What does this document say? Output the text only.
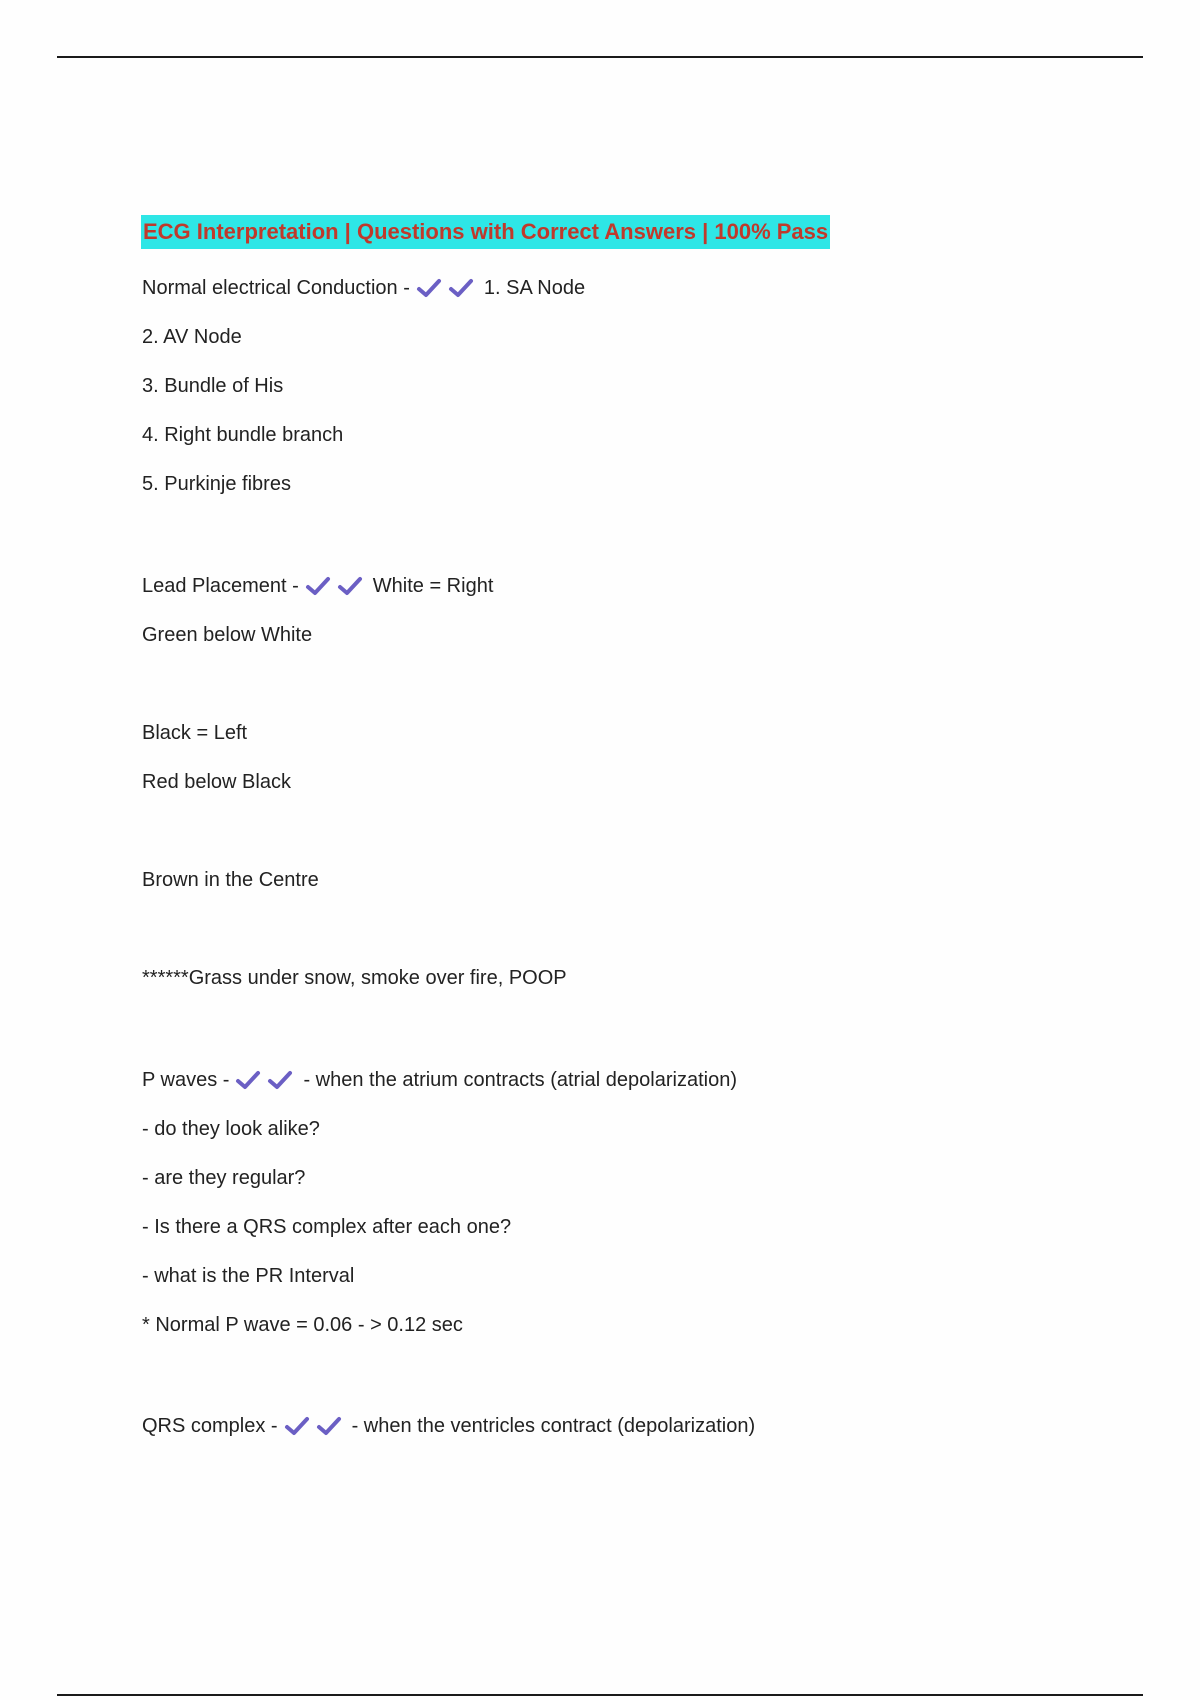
ECG Interpretation | Questions with Correct Answers | 100% Pass
Normal electrical Conduction -	1. SA Node
2. AV Node
3. Bundle of His
4. Right bundle branch
5. Purkinje fibres
Lead Placement -	White = Right
Green below White
Black = Left
Red below Black
Brown in the Centre
******Grass under snow, smoke over fire, POOP
P waves -	- when the atrium contracts (atrial depolarization)
- do they look alike?
- are they regular?
- Is there a QRS complex after each one?
- what is the PR Interval
* Normal P wave = 0.06 - > 0.12 sec
QRS complex -	- when the ventricles contract (depolarization)
